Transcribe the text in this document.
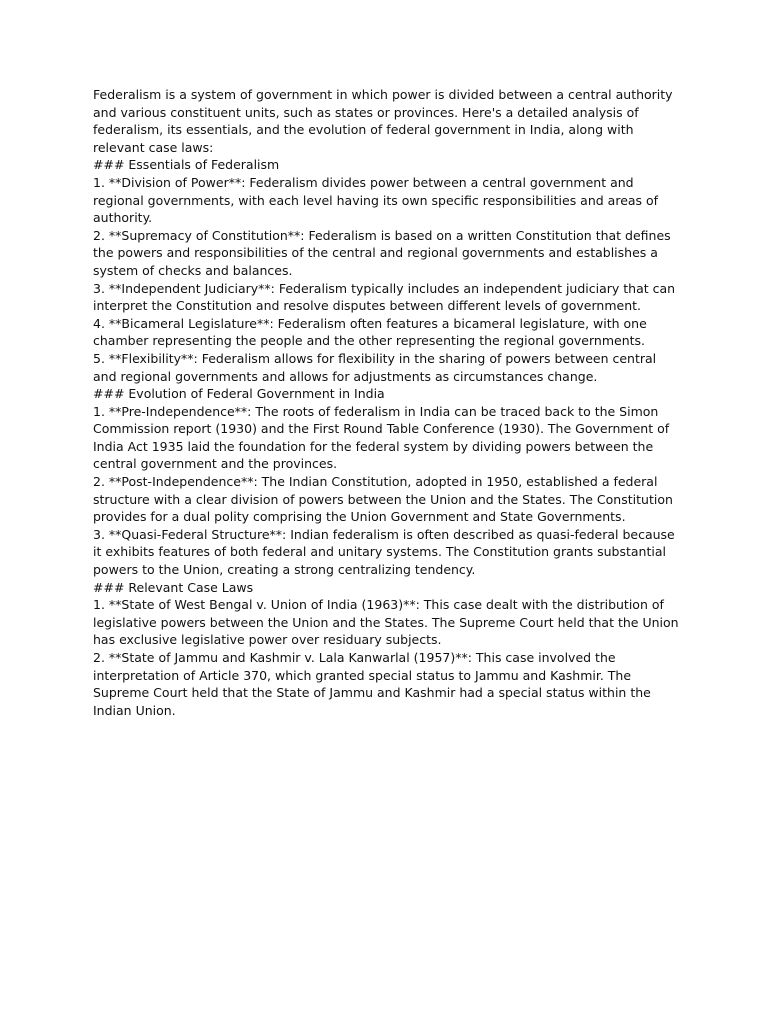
Federalism is a system of government in which power is divided between a central authority and various constituent units, such as states or provinces. Here's a detailed analysis of federalism, its essentials, and the evolution of federal government in India, along with relevant case laws:

### Essentials of Federalism

1. **Division of Power**: Federalism divides power between a central government and regional governments, with each level having its own specific responsibilities and areas of authority.

2. **Supremacy of Constitution**: Federalism is based on a written Constitution that defines the powers and responsibilities of the central and regional governments and establishes a system of checks and balances.

3. **Independent Judiciary**: Federalism typically includes an independent judiciary that can interpret the Constitution and resolve disputes between different levels of government.

4. **Bicameral Legislature**: Federalism often features a bicameral legislature, with one chamber representing the people and the other representing the regional governments.

5. **Flexibility**: Federalism allows for flexibility in the sharing of powers between central and regional governments and allows for adjustments as circumstances change.

### Evolution of Federal Government in India

1. **Pre-Independence**: The roots of federalism in India can be traced back to the Simon Commission report (1930) and the First Round Table Conference (1930). The Government of India Act 1935 laid the foundation for the federal system by dividing powers between the central government and the provinces.

2. **Post-Independence**: The Indian Constitution, adopted in 1950, established a federal structure with a clear division of powers between the Union and the States. The Constitution provides for a dual polity comprising the Union Government and State Governments.

3. **Quasi-Federal Structure**: Indian federalism is often described as quasi-federal because it exhibits features of both federal and unitary systems. The Constitution grants substantial powers to the Union, creating a strong centralizing tendency.

### Relevant Case Laws

1. **State of West Bengal v. Union of India (1963)**: This case dealt with the distribution of legislative powers between the Union and the States. The Supreme Court held that the Union has exclusive legislative power over residuary subjects.

2. **State of Jammu and Kashmir v. Lala Kanwarlal (1957)**: This case involved the interpretation of Article 370, which granted special status to Jammu and Kashmir. The Supreme Court held that the State of Jammu and Kashmir had a special status within the Indian Union.
